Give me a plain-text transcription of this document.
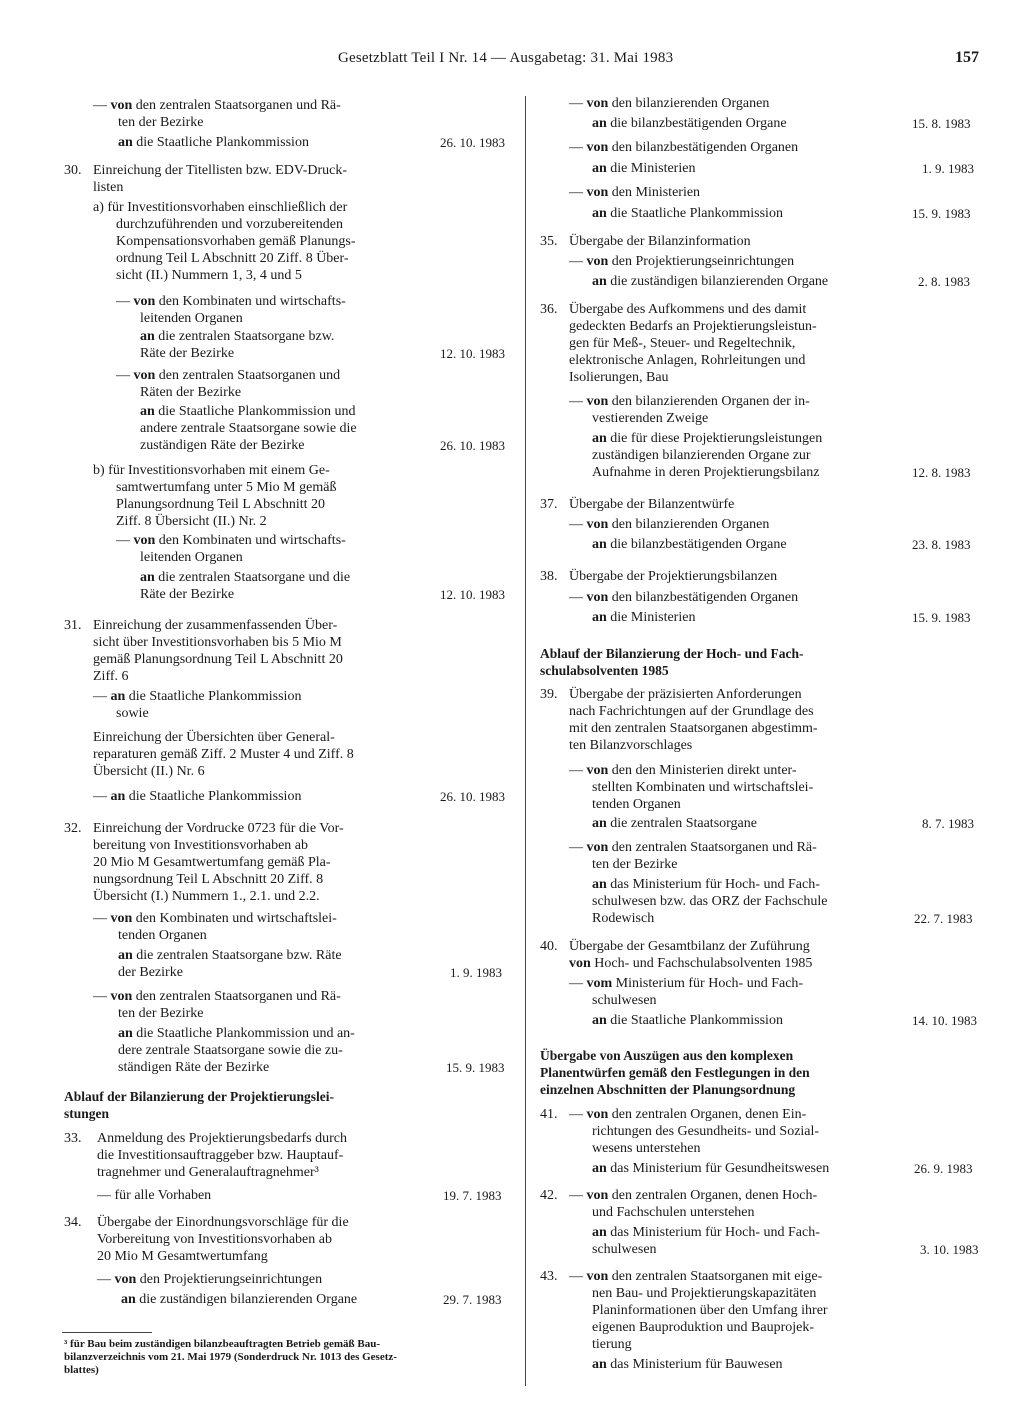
Gesetzblatt Teil I Nr. 14 — Ausgabetag: 31. Mai 1983	157
— von den zentralen Staatsorganen und Rä-
ten der Bezirke
an die Staatliche Plankommission	26. 10. 1983
30. Einreichung der Titellisten bzw. EDV-Druck-
listen
a) für Investitionsvorhaben einschließlich der
durchzuführenden und vorzubereitenden
Kompensationsvorhaben gemäß Planungs-
ordnung Teil L Abschnitt 20 Ziff. 8 Über-
sicht (II.) Nummern 1, 3, 4 und 5
— von den Kombinaten und wirtschafts-
leitenden Organen
an die zentralen Staatsorgane bzw.
Räte der Bezirke	12. 10. 1983
— von den zentralen Staatsorganen und
Räten der Bezirke
an die Staatliche Plankommission und
andere zentrale Staatsorgane sowie die
zuständigen Räte der Bezirke	26. 10. 1983
b) für Investitionsvorhaben mit einem Ge-
samtwertumfang unter 5 Mio M gemäß
Planungsordnung Teil L Abschnitt 20
Ziff. 8 Übersicht (II.) Nr. 2
— von den Kombinaten und wirtschafts-
leitenden Organen
an die zentralen Staatsorgane und die
Räte der Bezirke	12. 10. 1983
31. Einreichung der zusammenfassenden Über-
sicht über Investitionsvorhaben bis 5 Mio M
gemäß Planungsordnung Teil L Abschnitt 20
Ziff. 6
— an die Staatliche Plankommission
sowie
Einreichung der Übersichten über General-
reparaturen gemäß Ziff. 2 Muster 4 und Ziff. 8
Übersicht (II.) Nr. 6
— an die Staatliche Plankommission	26. 10. 1983
32. Einreichung der Vordrucke 0723 für die Vor-
bereitung von Investitionsvorhaben ab
20 Mio M Gesamtwertumfang gemäß Pla-
nungsordnung Teil L Abschnitt 20 Ziff. 8
Übersicht (I.) Nummern 1., 2.1. und 2.2.
— von den Kombinaten und wirtschaftslei-
tenden Organen
an die zentralen Staatsorgane bzw. Räte
der Bezirke	1. 9. 1983
— von den zentralen Staatsorganen und Rä-
ten der Bezirke
an die Staatliche Plankommission und an-
dere zentrale Staatsorgane sowie die zu-
ständigen Räte der Bezirke	15. 9. 1983
Ablauf der Bilanzierung der Projektierungslei-
stungen
33. Anmeldung des Projektierungsbedarfs durch
die Investitionsauftraggeber bzw. Hauptauf-
tragnehmer und Generalauftragnehmer³
— für alle Vorhaben	19. 7. 1983
34. Übergabe der Einordnungsvorschläge für die
Vorbereitung von Investitionsvorhaben ab
20 Mio M Gesamtwertumfang
— von den Projektierungseinrichtungen
an die zuständigen bilanzierenden Organe	29. 7. 1983
³ für Bau beim zuständigen bilanzbeauftragten Betrieb gemäß Bau-
bilanzverzeichnis vom 21. Mai 1979 (Sonderdruck Nr. 1013 des Gesetz-
blattes)
— von den bilanzierenden Organen
an die bilanzbestätigenden Organe	15. 8. 1983
— von den bilanzbestätigenden Organen
an die Ministerien	1. 9. 1983
— von den Ministerien
an die Staatliche Plankommission	15. 9. 1983
35. Übergabe der Bilanzinformation
— von den Projektierungseinrichtungen
an die zuständigen bilanzierenden Organe	2. 8. 1983
36. Übergabe des Aufkommens und des damit
gedeckten Bedarfs an Projektierungsleistun-
gen für Meß-, Steuer- und Regeltechnik,
elektronische Anlagen, Rohrleitungen und
Isolierungen, Bau
— von den bilanzierenden Organen der in-
vestierenden Zweige
an die für diese Projektierungsleistungen
zuständigen bilanzierenden Organe zur
Aufnahme in deren Projektierungsbilanz	12. 8. 1983
37. Übergabe der Bilanzentwürfe
— von den bilanzierenden Organen
an die bilanzbestätigenden Organe	23. 8. 1983
38. Übergabe der Projektierungsbilanzen
— von den bilanzbestätigenden Organen
an die Ministerien	15. 9. 1983
Ablauf der Bilanzierung der Hoch- und Fach-
schulabsolventen 1985
39. Übergabe der präzisierten Anforderungen
nach Fachrichtungen auf der Grundlage des
mit den zentralen Staatsorganen abgestimm-
ten Bilanzvorschlages
— von den den Ministerien direkt unter-
stellten Kombinaten und wirtschaftslei-
tenden Organen
an die zentralen Staatsorgane	8. 7. 1983
— von den zentralen Staatsorganen und Rä-
ten der Bezirke
an das Ministerium für Hoch- und Fach-
schulwesen bzw. das ORZ der Fachschule
Rodewisch	22. 7. 1983
40. Übergabe der Gesamtbilanz der Zuführung
von Hoch- und Fachschulabsolventen 1985
— vom Ministerium für Hoch- und Fach-
schulwesen
an die Staatliche Plankommission	14. 10. 1983
Übergabe von Auszügen aus den komplexen
Planentwürfen gemäß den Festlegungen in den
einzelnen Abschnitten der Planungsordnung
41. — von den zentralen Organen, denen Ein-
richtungen des Gesundheits- und Sozial-
wesens unterstehen
an das Ministerium für Gesundheitswesen	26. 9. 1983
42. — von den zentralen Organen, denen Hoch-
und Fachschulen unterstehen
an das Ministerium für Hoch- und Fach-
schulwesen	3. 10. 1983
43. — von den zentralen Staatsorganen mit eige-
nen Bau- und Projektierungskapazitäten
Planinformationen über den Umfang ihrer
eigenen Bauproduktion und Bauprojek-
tierung
an das Ministerium für Bauwesen
